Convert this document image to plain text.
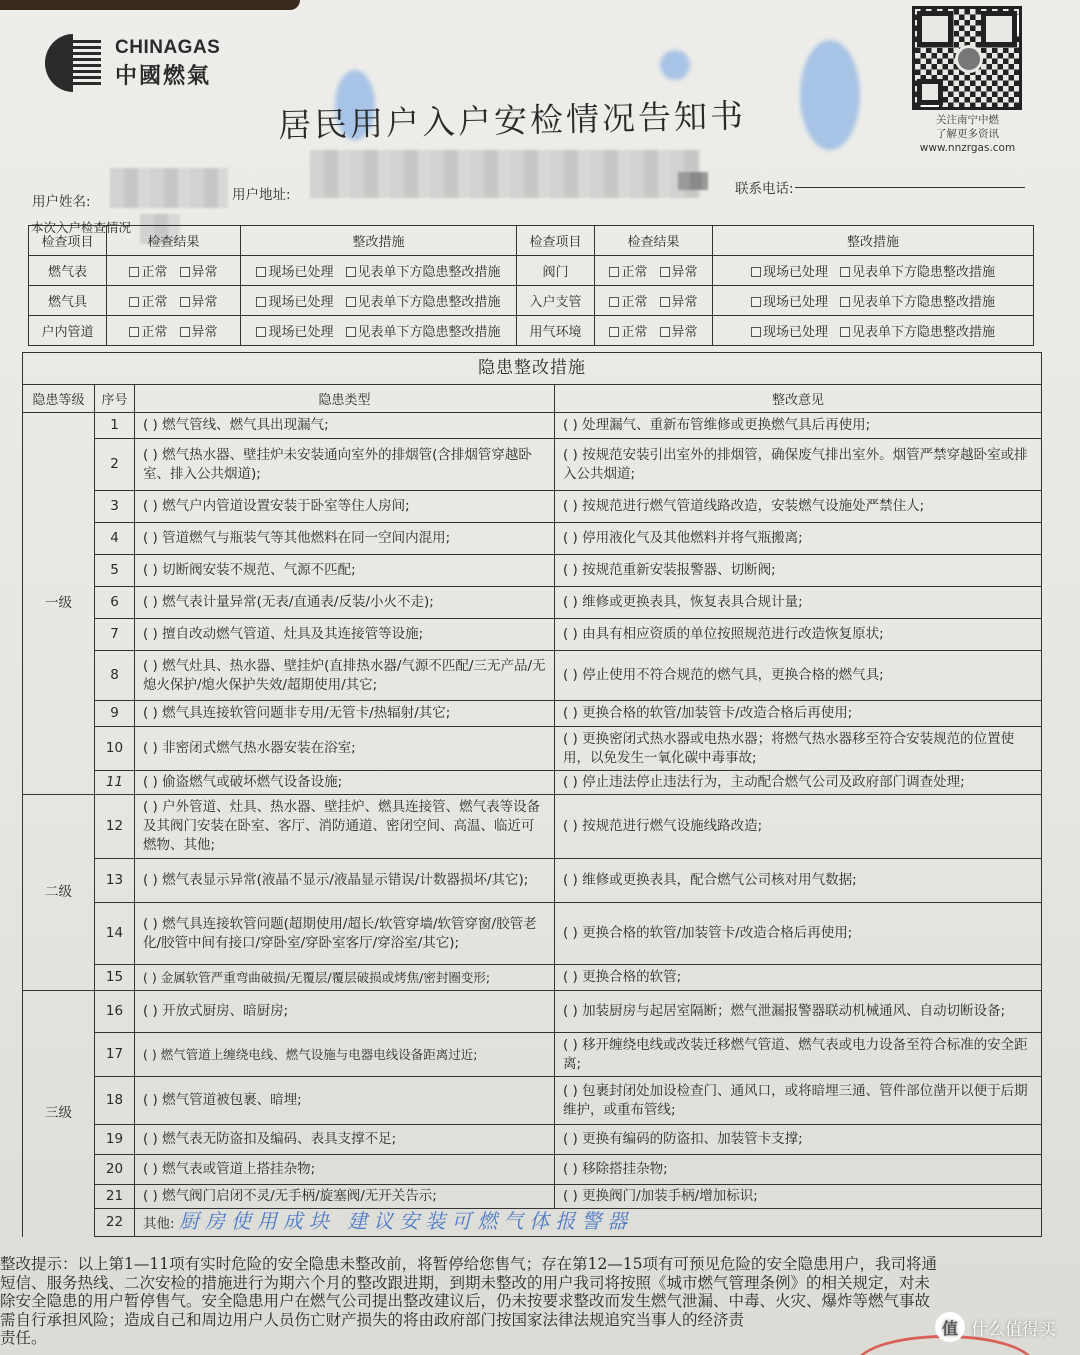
CHINAGAS
中國燃氣
居民用户入户安检情况告知书	关注南宁中燃
了解更多资讯
www.nnzrgas.com
用户姓名:	用户地址:	联系电话:
本次入户检查情况
检查项目	检查结果	整改措施	检查项目	检查结果	整改措施
燃气表	正常 异常	现场已处理 见表单下方隐患整改措施	阀门	正常 异常	现场已处理 见表单下方隐患整改措施
燃气具	正常 异常	现场已处理 见表单下方隐患整改措施	入户支管	正常 异常	现场已处理 见表单下方隐患整改措施
户内管道	正常 异常	现场已处理 见表单下方隐患整改措施	用气环境	正常 异常	现场已处理 见表单下方隐患整改措施
隐患整改措施			
隐患等级	序号	隐患类型	整改意见
一级	1	( ) 燃气管线、燃气具出现漏气;	( ) 处理漏气、重新布管维修或更换燃气具后再使用;
	2	( ) 燃气热水器、壁挂炉未安装通向室外的排烟管(含排烟管穿越卧室、排入公共烟道);	( ) 按规范安装引出室外的排烟管，确保废气排出室外。烟管严禁穿越卧室或排入公共烟道;
	3	( ) 燃气户内管道设置安装于卧室等住人房间;	( ) 按规范进行燃气管道线路改造，安装燃气设施处严禁住人;
	4	( ) 管道燃气与瓶装气等其他燃料在同一空间内混用;	( ) 停用液化气及其他燃料并将气瓶搬离;
	5	( ) 切断阀安装不规范、气源不匹配;	( ) 按规范重新安装报警器、切断阀;
	6	( ) 燃气表计量异常(无表/直通表/反装/小火不走);	( ) 维修或更换表具，恢复表具合规计量;
	7	( ) 擅自改动燃气管道、灶具及其连接管等设施;	( ) 由具有相应资质的单位按照规范进行改造恢复原状;
	8	( ) 燃气灶具、热水器、壁挂炉(直排热水器/气源不匹配/三无产品/无熄火保护/熄火保护失效/超期使用/其它;	( ) 停止使用不符合规范的燃气具，更换合格的燃气具;
	9	( ) 燃气具连接软管问题非专用/无管卡/热辐射/其它;	( ) 更换合格的软管/加装管卡/改造合格后再使用;
	10	( ) 非密闭式燃气热水器安装在浴室;	( ) 更换密闭式热水器或电热水器；将燃气热水器移至符合安装规范的位置使用，以免发生一氧化碳中毒事故;
	11	( ) 偷盗燃气或破坏燃气设备设施;	( ) 停止违法停止违法行为，主动配合燃气公司及政府部门调查处理;
二级	12	( ) 户外管道、灶具、热水器、壁挂炉、燃具连接管、燃气表等设备及其阀门安装在卧室、客厅、消防通道、密闭空间、高温、临近可燃物、其他;	( ) 按规范进行燃气设施线路改造;
	13	( ) 燃气表显示异常(液晶不显示/液晶显示错误/计数器损坏/其它);	( ) 维修或更换表具，配合燃气公司核对用气数据;
	14	( ) 燃气具连接软管问题(超期使用/超长/软管穿墙/软管穿窗/胶管老化/胶管中间有接口/穿卧室/穿卧室客厅/穿浴室/其它);	( ) 更换合格的软管/加装管卡/改造合格后再使用;
	15	( ) 金属软管严重弯曲破损/无覆层/覆层破损或烤焦/密封圈变形;	( ) 更换合格的软管;
三级	16	( ) 开放式厨房、暗厨房;	( ) 加装厨房与起居室隔断；燃气泄漏报警器联动机械通风、自动切断设备;
	17	( ) 燃气管道上缠绕电线、燃气设施与电器电线设备距离过近;	( ) 移开缠绕电线或改装迁移燃气管道、燃气表或电力设备至符合标准的安全距离;
	18	( ) 燃气管道被包裹、暗埋;	( ) 包裹封闭处加设检查门、通风口，或将暗埋三通、管件部位凿开以便于后期维护，或重布管线;
	19	( ) 燃气表无防盗扣及编码、表具支撑不足;	( ) 更换有编码的防盗扣、加装管卡支撑;
	20	( ) 燃气表或管道上搭挂杂物;	( ) 移除搭挂杂物;
	21	( ) 燃气阀门启闭不灵/无手柄/旋塞阀/无开关告示;	( ) 更换阀门/加装手柄/增加标识;
	22	其他: 厨房使用成块 建议安装可燃气体报警器	

整改提示：以上第1—11项有实时危险的安全隐患未整改前，将暂停给您售气；存在第12—15项有可预见危险的安全隐患用户，我司将通

短信、服务热线、二次安检的措施进行为期六个月的整改跟进期，到期未整改的用户我司将按照《城市燃气管理条例》的相关规定，对未

除安全隐患的用户暂停售气。安全隐患用户在燃气公司提出整改建议后，仍未按要求整改而发生燃气泄漏、中毒、火灾、爆炸等燃气事故

需自行承担风险；造成自己和周边用户人员伤亡财产损失的将由政府部门按国家法律法规追究当事人的经济责

责任。

值 什么值得买
